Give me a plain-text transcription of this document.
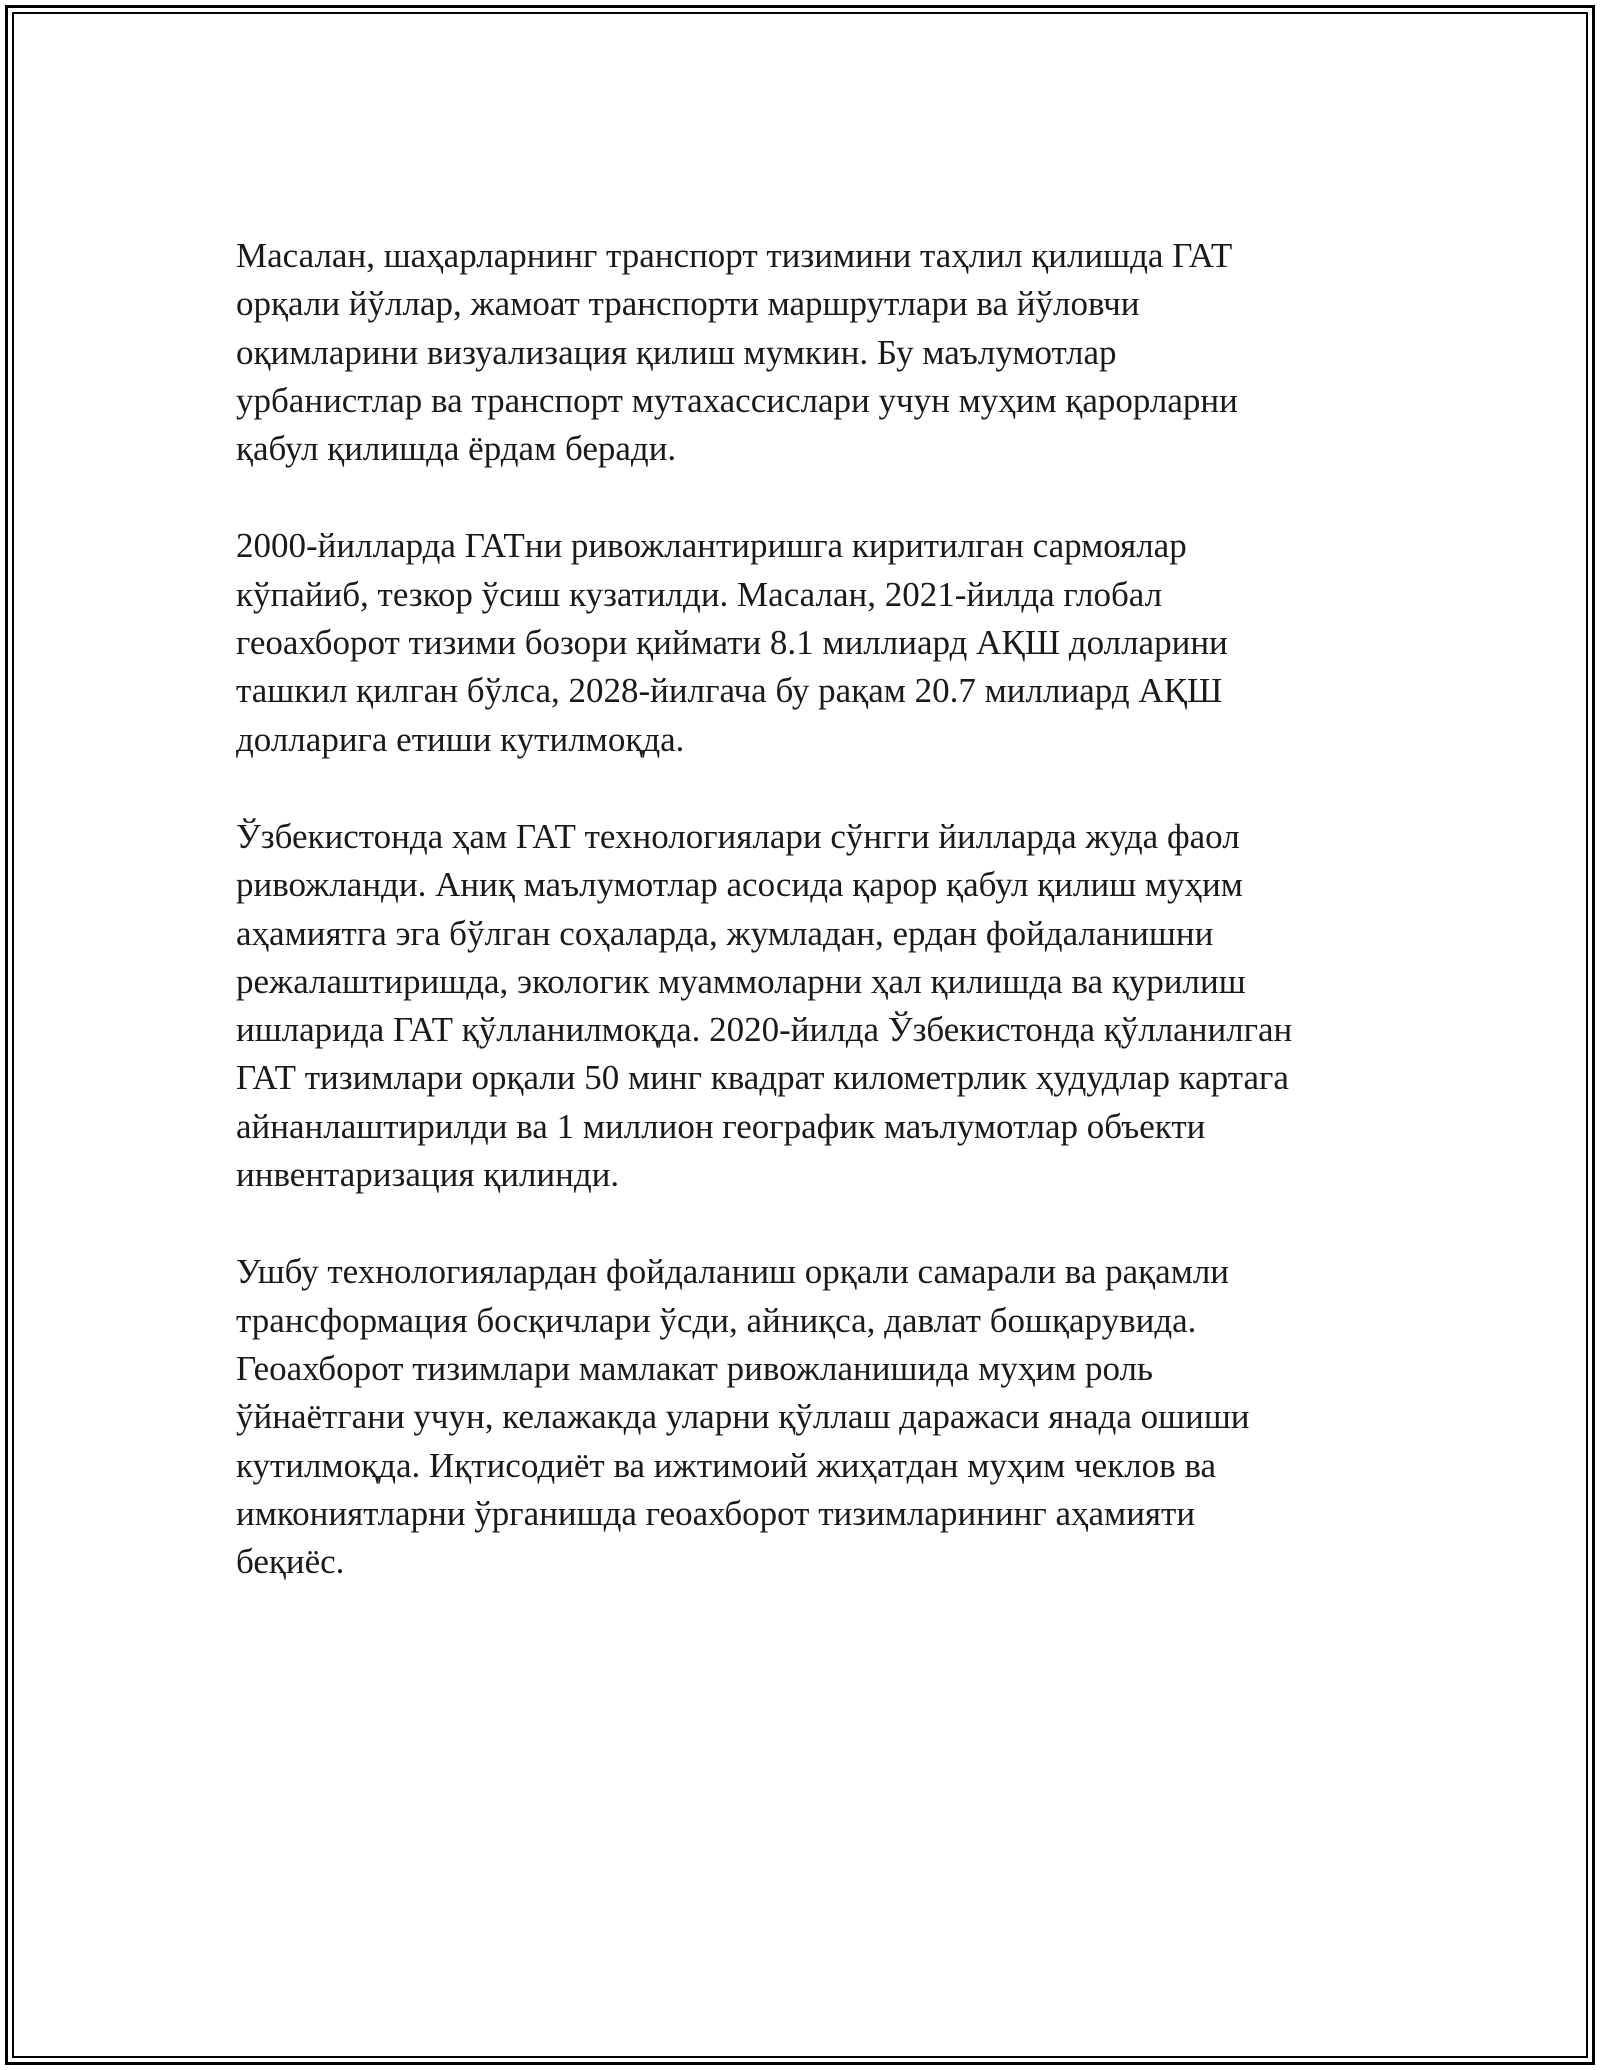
Масалан, шаҳарларнинг транспорт тизимини таҳлил қилишда ГАТ
орқали йўллар, жамоат транспорти маршрутлари ва йўловчи
оқимларини визуализация қилиш мумкин. Бу маълумотлар
урбанистлар ва транспорт мутахассислари учун муҳим қарорларни
қабул қилишда ёрдам беради.

2000-йилларда ГАТни ривожлантиришга киритилган сармоялар
кўпайиб, тезкор ўсиш кузатилди. Масалан, 2021-йилда глобал
геоахборот тизими бозори қиймати 8.1 миллиард АҚШ долларини
ташкил қилган бўлса, 2028-йилгача бу рақам 20.7 миллиард АҚШ
долларига етиши кутилмоқда.

Ўзбекистонда ҳам ГАТ технологиялари сўнгги йилларда жуда фаол
ривожланди. Аниқ маълумотлар асосида қарор қабул қилиш муҳим
аҳамиятга эга бўлган соҳаларда, жумладан, ердан фойдаланишни
режалаштиришда, экологик муаммоларни ҳал қилишда ва қурилиш
ишларида ГАТ қўлланилмоқда. 2020-йилда Ўзбекистонда қўлланилган
ГАТ тизимлари орқали 50 минг квадрат километрлик ҳудудлар картага
айнанлаштирилди ва 1 миллион географик маълумотлар объекти
инвентаризация қилинди.

Ушбу технологиялардан фойдаланиш орқали самарали ва рақамли
трансформация босқичлари ўсди, айниқса, давлат бошқарувида.
Геоахборот тизимлари мамлакат ривожланишида муҳим роль
ўйнаётгани учун, келажакда уларни қўллаш даражаси янада ошиши
кутилмоқда. Иқтисодиёт ва ижтимоий жиҳатдан муҳим чеклов ва
имкониятларни ўрганишда геоахборот тизимларининг аҳамияти
беқиёс.
